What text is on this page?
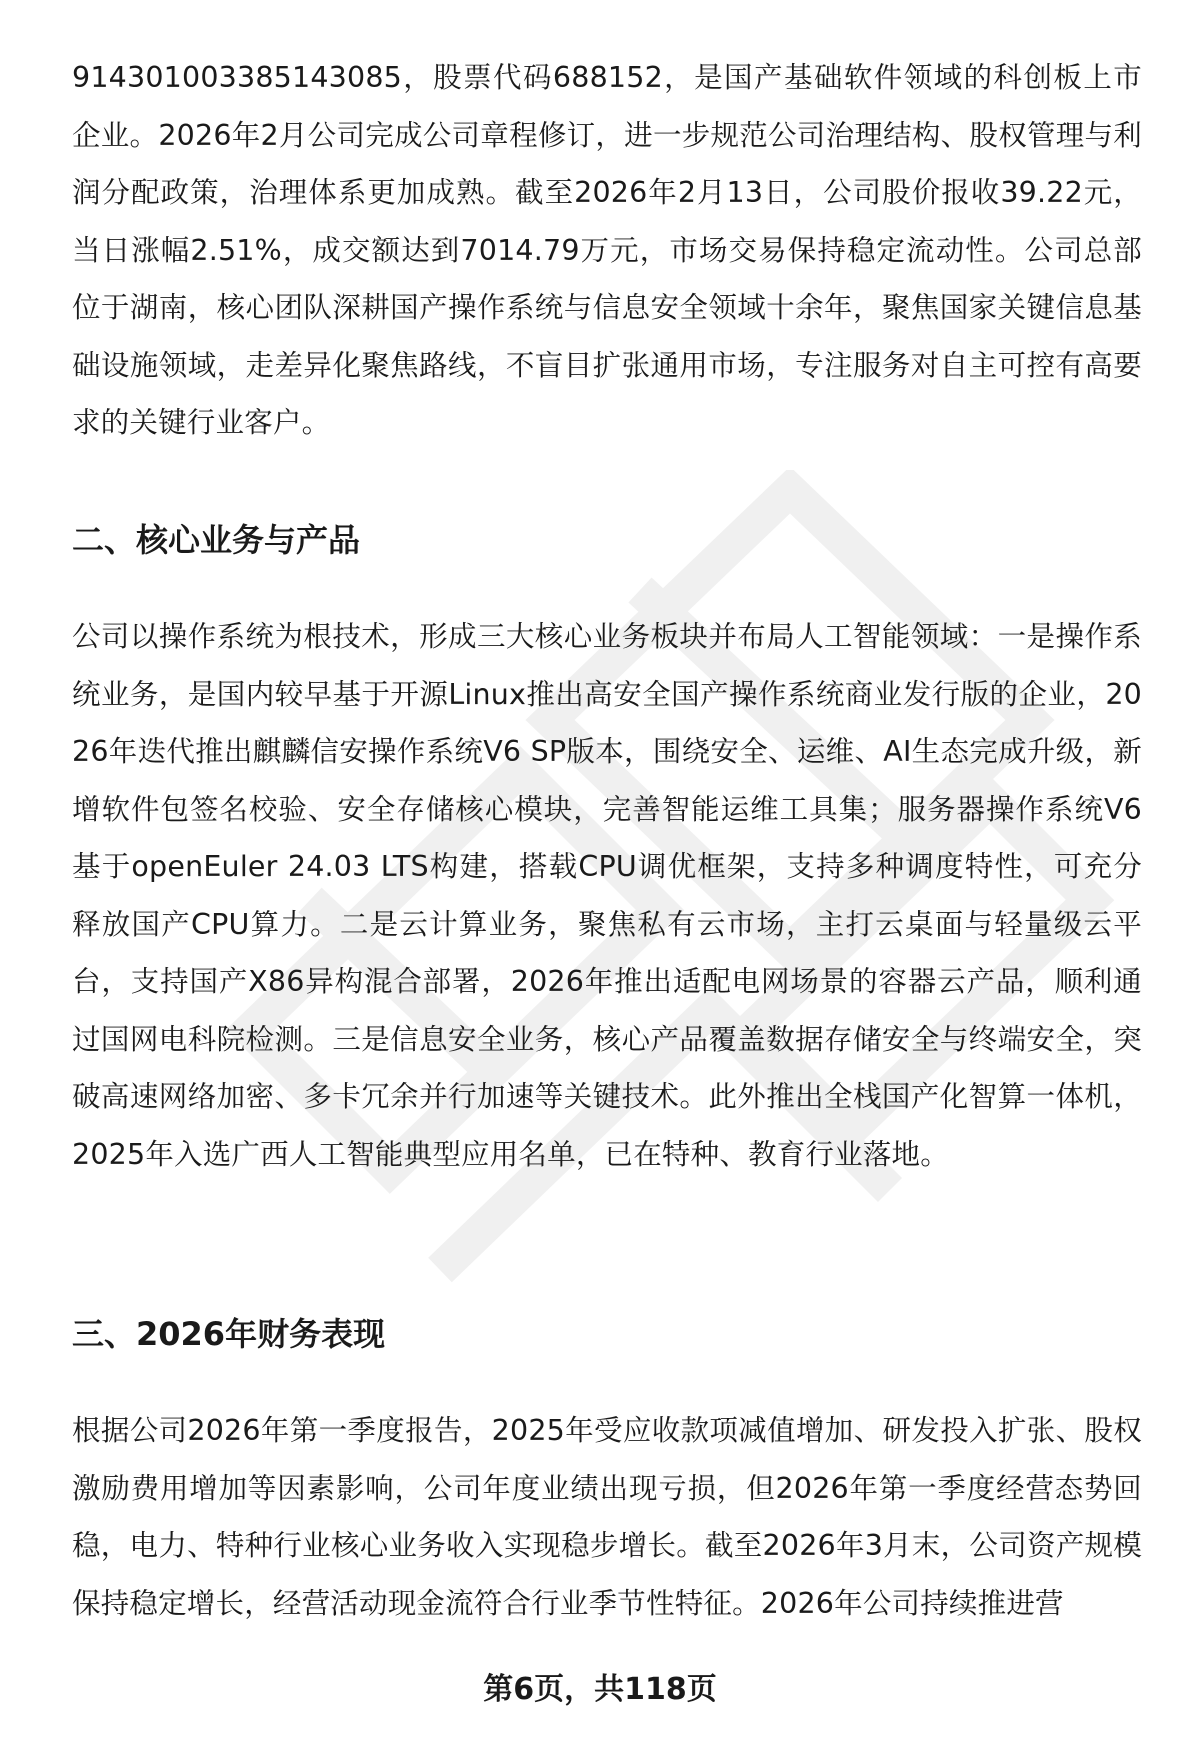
914301003385143085，股票代码688152，是国产基础软件领域的科创板上市企业。2026年2月公司完成公司章程修订，进一步规范公司治理结构、股权管理与利润分配政策，治理体系更加成熟。截至2026年2月13日，公司股价报收39.22元，当日涨幅2.51%，成交额达到7014.79万元，市场交易保持稳定流动性。公司总部位于湖南，核心团队深耕国产操作系统与信息安全领域十余年，聚焦国家关键信息基础设施领域，走差异化聚焦路线，不盲目扩张通用市场，专注服务对自主可控有高要求的关键行业客户。

二、核心业务与产品

公司以操作系统为根技术，形成三大核心业务板块并布局人工智能领域：一是操作系统业务，是国内较早基于开源Linux推出高安全国产操作系统商业发行版的企业，2026年迭代推出麒麟信安操作系统V6 SP版本，围绕安全、运维、AI生态完成升级，新增软件包签名校验、安全存储核心模块，完善智能运维工具集；服务器操作系统V6基于openEuler 24.03 LTS构建，搭载CPU调优框架，支持多种调度特性，可充分释放国产CPU算力。二是云计算业务，聚焦私有云市场，主打云桌面与轻量级云平台，支持国产X86异构混合部署，2026年推出适配电网场景的容器云产品，顺利通过国网电科院检测。三是信息安全业务，核心产品覆盖数据存储安全与终端安全，突破高速网络加密、多卡冗余并行加速等关键技术。此外推出全栈国产化智算一体机，2025年入选广西人工智能典型应用名单，已在特种、教育行业落地。

三、2026年财务表现

根据公司2026年第一季度报告，2025年受应收款项减值增加、研发投入扩张、股权激励费用增加等因素影响，公司年度业绩出现亏损，但2026年第一季度经营态势回稳，电力、特种行业核心业务收入实现稳步增长。截至2026年3月末，公司资产规模保持稳定增长，经营活动现金流符合行业季节性特征。2026年公司持续推进营

第6页，共118页
